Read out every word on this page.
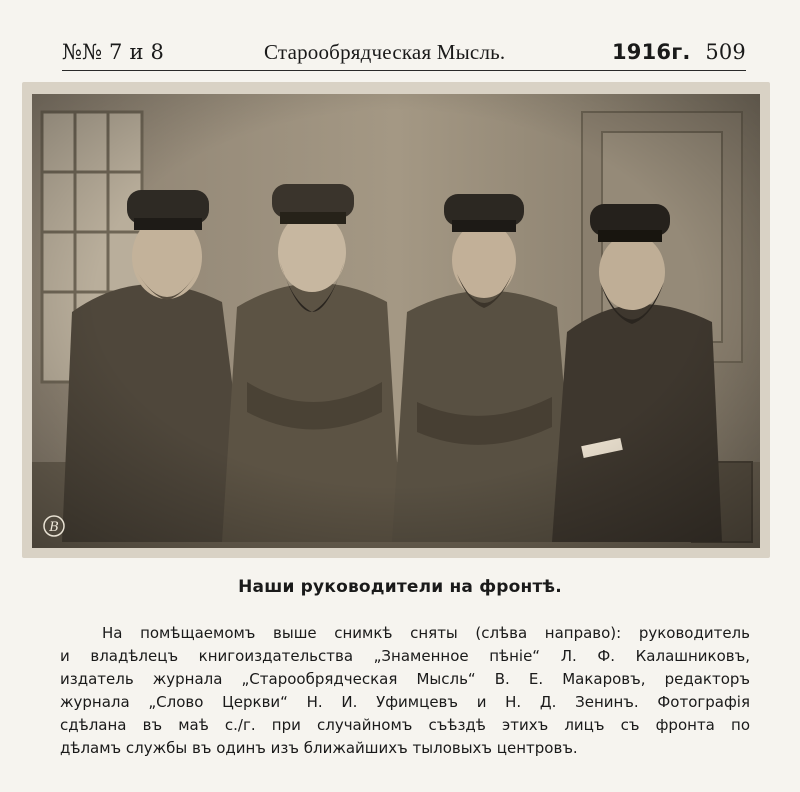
№№ 7 и 8	Старообрядческая Мысль.	1916г. 509
В
Наши руководители на фронтѣ.
На помѣщаемомъ выше снимкѣ сняты (слѣва направо): руководитель
и владѣлецъ книгоиздательства „Знаменное пѣніе“ Л. Ф. Калашниковъ,
издатель журнала „Старообрядческая Мысль“ В. Е. Макаровъ, редакторъ
журнала „Слово Церкви“ Н. И. Уфимцевъ и Н. Д. Зенинъ. Фотографія
сдѣлана въ маѣ с./г. при случайномъ съѣздѣ этихъ лицъ съ фронта по
дѣламъ службы въ одинъ изъ ближайшихъ тыловыхъ центровъ.
